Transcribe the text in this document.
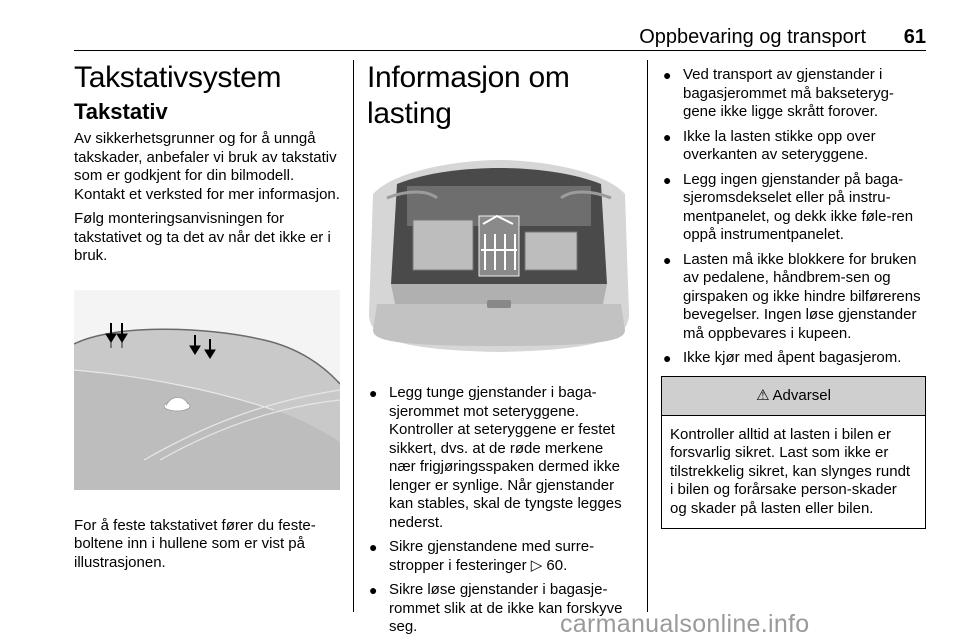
Oppbevaring og transport 61
Takstativsystem
Takstativ

Av sikkerhetsgrunner og for å unngå takskader, anbefaler vi bruk av takstativ som er godkjent for din bilmodell. Kontakt et verksted for mer informasjon.

Følg monteringsanvisningen for takstativet og ta det av når det ikke er i bruk.

For å feste takstativet fører du feste-boltene inn i hullene som er vist på illustrasjonen.

Informasjon om lasting
● Legg tunge gjenstander i baga-sjerommet mot seteryggene. Kontroller at seteryggene er festet sikkert, dvs. at de røde merkene nær frigjøringsspaken dermed ikke lenger er synlige. Når gjenstander kan stables, skal de tyngste legges nederst.
● Sikre gjenstandene med surre-stropper i festeringer ▷ 60.
● Sikre løse gjenstander i bagasje-rommet slik at de ikke kan forskyve seg.
● Ved transport av gjenstander i bagasjerommet må bakseteryg-gene ikke ligge skrått forover.
● Ikke la lasten stikke opp over overkanten av seteryggene.
● Legg ingen gjenstander på baga-sjeromsdekselet eller på instru-mentpanelet, og dekk ikke føle-ren oppå instrumentpanelet.
● Lasten må ikke blokkere for bruken av pedalene, håndbrem-sen og girspaken og ikke hindre bilførerens bevegelser. Ingen løse gjenstander må oppbevares i kupeen.
● Ikke kjør med åpent bagasjerom.
⚠ Advarsel
Kontroller alltid at lasten i bilen er forsvarlig sikret. Last som ikke er tilstrekkelig sikret, kan slynges rundt i bilen og forårsake person-skader og skader på lasten eller bilen.
carmanualsonline.info
